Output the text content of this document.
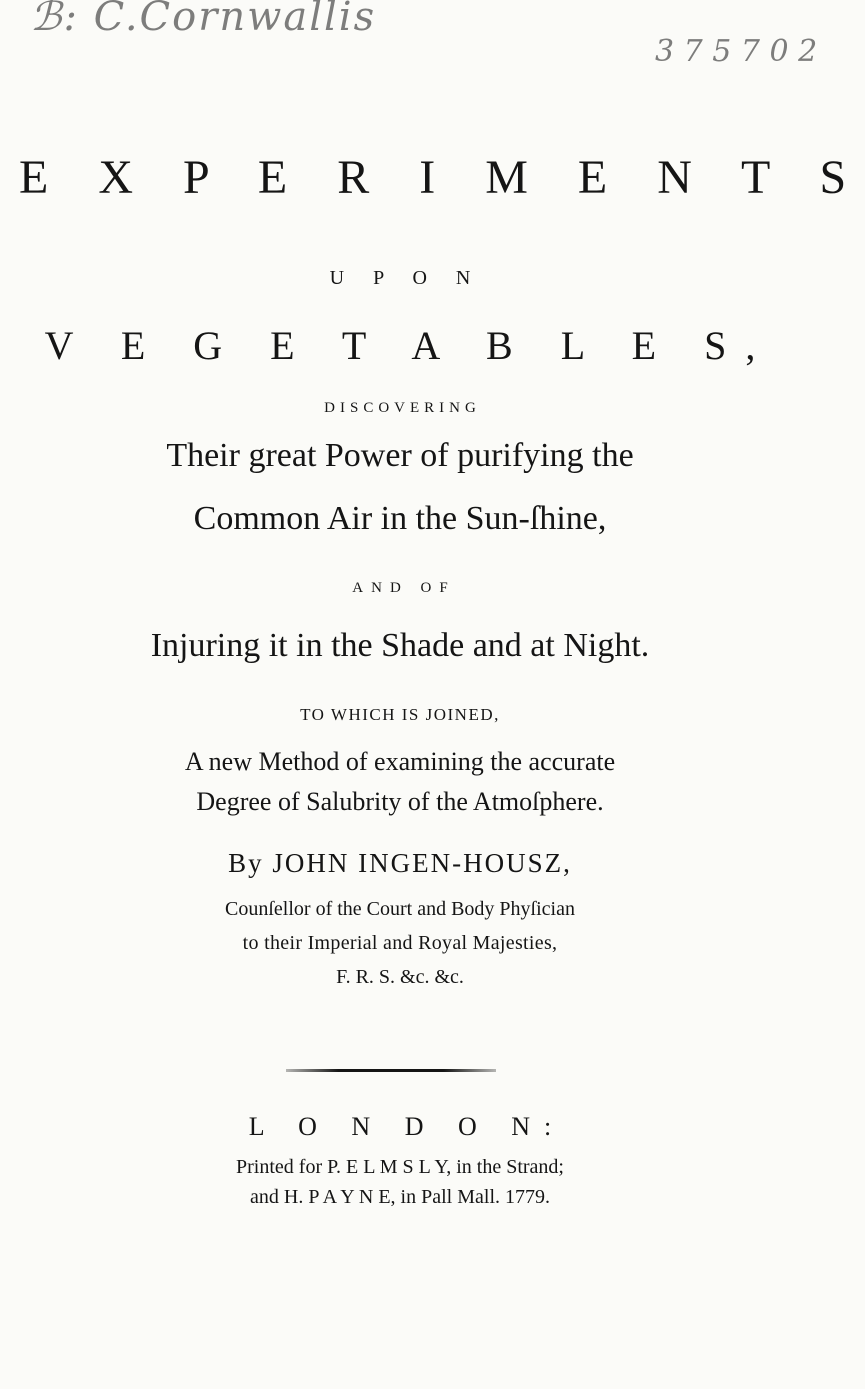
ℬ: C.Cornwallis
3 7 5 7 0 2
E X P E R I M E N T S
U P O N
V E G E T A B L E S,
DISCOVERING
Their great Power of purifying the
Common Air in the Sun-ſhine,
AND OF
Injuring it in the Shade and at Night.
TO WHICH IS JOINED,
A new Method of examining the accurate
Degree of Salubrity of the Atmoſphere.
By JOHN INGEN-HOUSZ,
Counſellor of the Court and Body Phyſician
to their Imperial and Royal Majesties,
F. R. S. &c. &c.
L O N D O N:
Printed for P. E L M S L Y, in the Strand;
and H. P A Y N E, in Pall Mall. 1779.
